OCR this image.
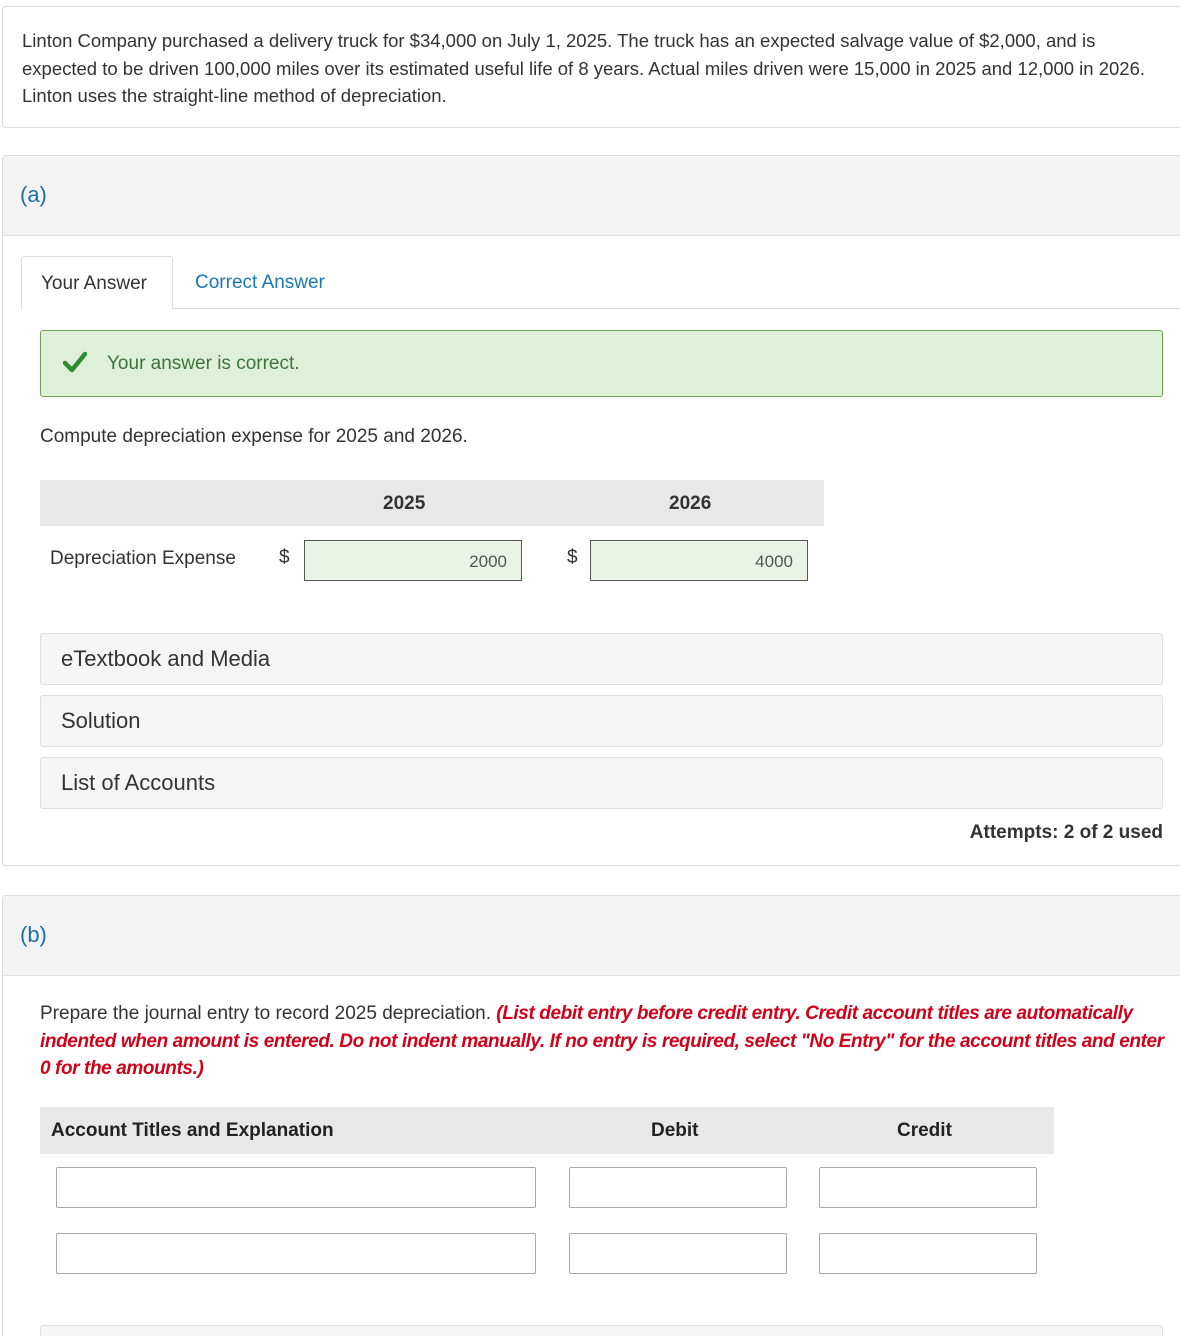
Linton Company purchased a delivery truck for $34,000 on July 1, 2025. The truck has an expected salvage value of $2,000, and is expected to be driven 100,000 miles over its estimated useful life of 8 years. Actual miles driven were 15,000 in 2025 and 12,000 in 2026. Linton uses the straight-line method of depreciation.

(a)
Your Answer	Correct Answer
Your answer is correct.
Compute depreciation expense for 2025 and 2026.
2025	2026
Depreciation Expense $	2000	$	4000
eTextbook and Media
Solution
List of Accounts
Attempts: 2 of 2 used
(b)

Prepare the journal entry to record 2025 depreciation. (List debit entry before credit entry. Credit account titles are automatically indented when amount is entered. Do not indent manually. If no entry is required, select "No Entry" for the account titles and enter 0 for the amounts.)

Account Titles and Explanation	Debit	Credit
